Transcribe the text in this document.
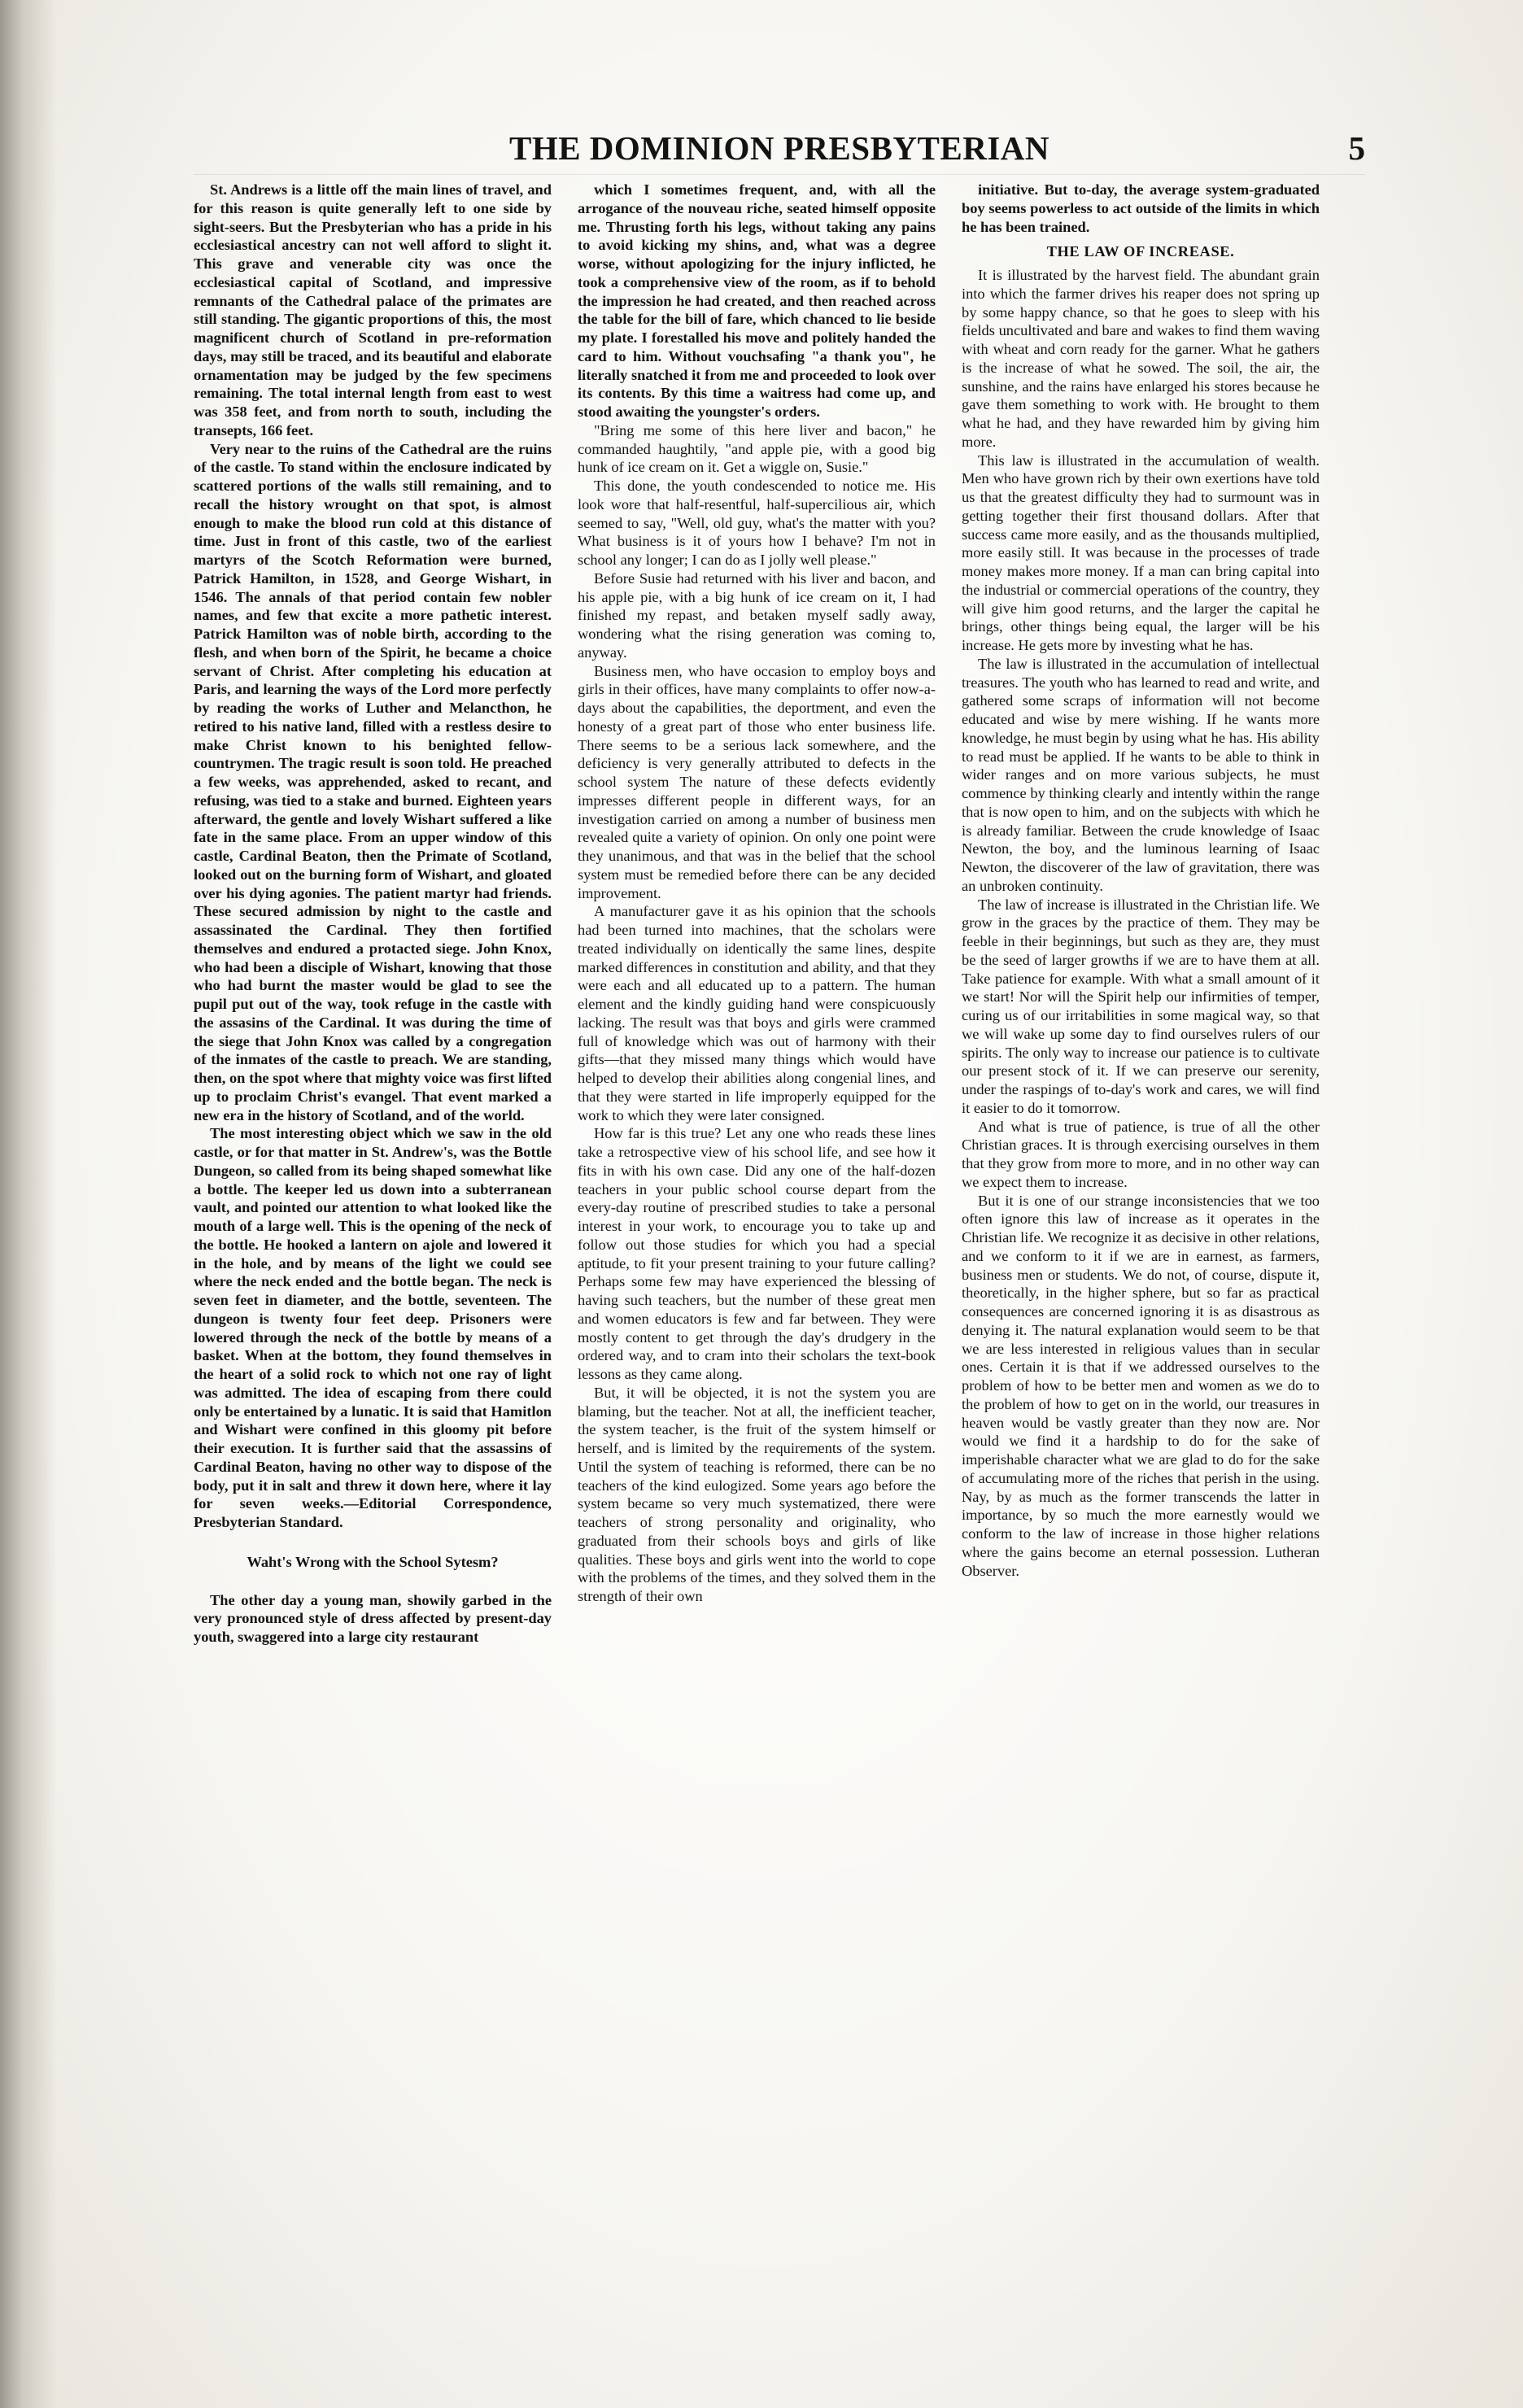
THE DOMINION PRESBYTERIAN	5

St. Andrews is a little off the main lines of travel, and for this reason is quite generally left to one side by sight-seers. But the Presbyterian who has a pride in his ecclesiastical ancestry can not well afford to slight it. This grave and venerable city was once the ecclesiastical capital of Scotland, and impressive remnants of the Cathedral palace of the primates are still standing. The gigantic proportions of this, the most magnificent church of Scotland in pre-reformation days, may still be traced, and its beautiful and elaborate ornamentation may be judged by the few specimens remaining. The total internal length from east to west was 358 feet, and from north to south, including the transepts, 166 feet.

Very near to the ruins of the Cathedral are the ruins of the castle. To stand within the enclosure indicated by scattered portions of the walls still remaining, and to recall the history wrought on that spot, is almost enough to make the blood run cold at this distance of time. Just in front of this castle, two of the earliest martyrs of the Scotch Reformation were burned, Patrick Hamilton, in 1528, and George Wishart, in 1546. The annals of that period contain few nobler names, and few that excite a more pathetic interest. Patrick Hamilton was of noble birth, according to the flesh, and when born of the Spirit, he became a choice servant of Christ. After completing his education at Paris, and learning the ways of the Lord more perfectly by reading the works of Luther and Melancthon, he retired to his native land, filled with a restless desire to make Christ known to his benighted fellow-countrymen. The tragic result is soon told. He preached a few weeks, was apprehended, asked to recant, and refusing, was tied to a stake and burned. Eighteen years afterward, the gentle and lovely Wishart suffered a like fate in the same place. From an upper window of this castle, Cardinal Beaton, then the Primate of Scotland, looked out on the burning form of Wishart, and gloated over his dying agonies. The patient martyr had friends. These secured admission by night to the castle and assassinated the Cardinal. They then fortified themselves and endured a protacted siege. John Knox, who had been a disciple of Wishart, knowing that those who had burnt the master would be glad to see the pupil put out of the way, took refuge in the castle with the assasins of the Cardinal. It was during the time of the siege that John Knox was called by a congregation of the inmates of the castle to preach. We are standing, then, on the spot where that mighty voice was first lifted up to proclaim Christ's evangel. That event marked a new era in the history of Scotland, and of the world.

The most interesting object which we saw in the old castle, or for that matter in St. Andrew's, was the Bottle Dungeon, so called from its being shaped somewhat like a bottle. The keeper led us down into a subterranean vault, and pointed our attention to what looked like the mouth of a large well. This is the opening of the neck of the bottle. He hooked a lantern on ajole and lowered it in the hole, and by means of the light we could see where the neck ended and the bottle began. The neck is seven feet in diameter, and the bottle, seventeen. The dungeon is twenty four feet deep. Prisoners were lowered through the neck of the bottle by means of a basket. When at the bottom, they found themselves in the heart of a solid rock to which not one ray of light was admitted. The idea of escaping from there could only be entertained by a lunatic. It is said that Hamitlon and Wishart were confined in this gloomy pit before their execution. It is further said that the assassins of Cardinal Beaton, having no other way to dispose of the body, put it in salt and threw it down here, where it lay for seven weeks.—Editorial Correspondence, Presbyterian Standard.

Waht's Wrong with the School Sytesm?

The other day a young man, showily garbed in the very pronounced style of dress affected by present-day youth, swaggered into a large city restaurant

which I sometimes frequent, and, with all the arrogance of the nouveau riche, seated himself opposite me. Thrusting forth his legs, without taking any pains to avoid kicking my shins, and, what was a degree worse, without apologizing for the injury inflicted, he took a comprehensive view of the room, as if to behold the impression he had created, and then reached across the table for the bill of fare, which chanced to lie beside my plate. I forestalled his move and politely handed the card to him. Without vouchsafing "a thank you", he literally snatched it from me and proceeded to look over its contents. By this time a waitress had come up, and stood awaiting the youngster's orders.

"Bring me some of this here liver and bacon," he commanded haughtily, "and apple pie, with a good big hunk of ice cream on it. Get a wiggle on, Susie."

This done, the youth condescended to notice me. His look wore that half-resentful, half-supercilious air, which seemed to say, "Well, old guy, what's the matter with you? What business is it of yours how I behave? I'm not in school any longer; I can do as I jolly well please."

Before Susie had returned with his liver and bacon, and his apple pie, with a big hunk of ice cream on it, I had finished my repast, and betaken myself sadly away, wondering what the rising generation was coming to, anyway.

Business men, who have occasion to employ boys and girls in their offices, have many complaints to offer now-a-days about the capabilities, the deportment, and even the honesty of a great part of those who enter business life. There seems to be a serious lack somewhere, and the deficiency is very generally attributed to defects in the school system The nature of these defects evidently impresses different people in different ways, for an investigation carried on among a number of business men revealed quite a variety of opinion. On only one point were they unanimous, and that was in the belief that the school system must be remedied before there can be any decided improvement.

A manufacturer gave it as his opinion that the schools had been turned into machines, that the scholars were treated individually on identically the same lines, despite marked differences in constitution and ability, and that they were each and all educated up to a pattern. The human element and the kindly guiding hand were conspicuously lacking. The result was that boys and girls were crammed full of knowledge which was out of harmony with their gifts—that they missed many things which would have helped to develop their abilities along congenial lines, and that they were started in life improperly equipped for the work to which they were later consigned.

How far is this true? Let any one who reads these lines take a retrospective view of his school life, and see how it fits in with his own case. Did any one of the half-dozen teachers in your public school course depart from the every-day routine of prescribed studies to take a personal interest in your work, to encourage you to take up and follow out those studies for which you had a special aptitude, to fit your present training to your future calling? Perhaps some few may have experienced the blessing of having such teachers, but the number of these great men and women educators is few and far between. They were mostly content to get through the day's drudgery in the ordered way, and to cram into their scholars the text-book lessons as they came along.

But, it will be objected, it is not the system you are blaming, but the teacher. Not at all, the inefficient teacher, the system teacher, is the fruit of the system himself or herself, and is limited by the requirements of the system. Until the system of teaching is reformed, there can be no teachers of the kind eulogized. Some years ago before the system became so very much systematized, there were teachers of strong personality and originality, who graduated from their schools boys and girls of like qualities. These boys and girls went into the world to cope with the problems of the times, and they solved them in the strength of their own

initiative. But to-day, the average system-graduated boy seems powerless to act outside of the limits in which he has been trained.

THE LAW OF INCREASE.

It is illustrated by the harvest field. The abundant grain into which the farmer drives his reaper does not spring up by some happy chance, so that he goes to sleep with his fields uncultivated and bare and wakes to find them waving with wheat and corn ready for the garner. What he gathers is the increase of what he sowed. The soil, the air, the sunshine, and the rains have enlarged his stores because he gave them something to work with. He brought to them what he had, and they have rewarded him by giving him more.

This law is illustrated in the accumulation of wealth. Men who have grown rich by their own exertions have told us that the greatest difficulty they had to surmount was in getting together their first thousand dollars. After that success came more easily, and as the thousands multiplied, more easily still. It was because in the processes of trade money makes more money. If a man can bring capital into the industrial or commercial operations of the country, they will give him good returns, and the larger the capital he brings, other things being equal, the larger will be his increase. He gets more by investing what he has.

The law is illustrated in the accumulation of intellectual treasures. The youth who has learned to read and write, and gathered some scraps of information will not become educated and wise by mere wishing. If he wants more knowledge, he must begin by using what he has. His ability to read must be applied. If he wants to be able to think in wider ranges and on more various subjects, he must commence by thinking clearly and intently within the range that is now open to him, and on the subjects with which he is already familiar. Between the crude knowledge of Isaac Newton, the boy, and the luminous learning of Isaac Newton, the discoverer of the law of gravitation, there was an unbroken continuity.

The law of increase is illustrated in the Christian life. We grow in the graces by the practice of them. They may be feeble in their beginnings, but such as they are, they must be the seed of larger growths if we are to have them at all. Take patience for example. With what a small amount of it we start! Nor will the Spirit help our infirmities of temper, curing us of our irritabilities in some magical way, so that we will wake up some day to find ourselves rulers of our spirits. The only way to increase our patience is to cultivate our present stock of it. If we can preserve our serenity, under the raspings of to-day's work and cares, we will find it easier to do it tomorrow.

And what is true of patience, is true of all the other Christian graces. It is through exercising ourselves in them that they grow from more to more, and in no other way can we expect them to increase.

But it is one of our strange inconsistencies that we too often ignore this law of increase as it operates in the Christian life. We recognize it as decisive in other relations, and we conform to it if we are in earnest, as farmers, business men or students. We do not, of course, dispute it, theoretically, in the higher sphere, but so far as practical consequences are concerned ignoring it is as disastrous as denying it. The natural explanation would seem to be that we are less interested in religious values than in secular ones. Certain it is that if we addressed ourselves to the problem of how to be better men and women as we do to the problem of how to get on in the world, our treasures in heaven would be vastly greater than they now are. Nor would we find it a hardship to do for the sake of imperishable character what we are glad to do for the sake of accumulating more of the riches that perish in the using. Nay, by as much as the former transcends the latter in importance, by so much the more earnestly would we conform to the law of increase in those higher relations where the gains become an eternal possession. Lutheran Observer.
